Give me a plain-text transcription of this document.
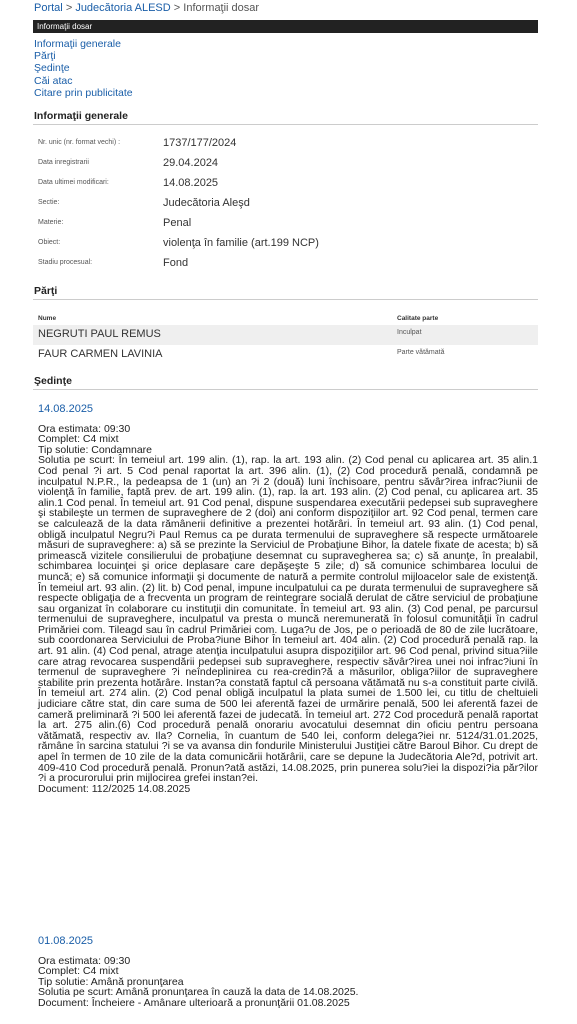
Portal > Judecătoria ALESD > Informaţii dosar
Informaţii dosar
Informaţii generale
Părţi
Şedinţe
Căi atac
Citare prin publicitate
Informaţii generale
Nr. unic (nr. format vechi) :	1737/177/2024
Data inregistrarii	29.04.2024
Data ultimei modificari:	14.08.2025
Sectie:	Judecătoria Aleşd
Materie:	Penal
Obiect:	violenţa în familie (art.199 NCP)
Stadiu procesual:	Fond
Părţi
Nume	Calitate parte
NEGRUTI PAUL REMUS	Inculpat
FAUR CARMEN LAVINIA	Parte vătămată
Şedinţe
14.08.2025

Ora estimata: 09:30

Complet: C4 mixt

Tip solutie: Condamnare

Solutia pe scurt: În temeiul art. 199 alin. (1), rap. la art. 193 alin. (2) Cod penal cu aplicarea art. 35 alin.1 Cod penal ?i art. 5 Cod penal raportat la art. 396 alin. (1), (2) Cod procedură penală, condamnă pe inculpatul N.P.R., la pedeapsa de 1 (un) an ?i 2 (două) luni închisoare, pentru săvâr?irea infrac?iunii de violenţă în familie, faptă prev. de art. 199 alin. (1), rap. la art. 193 alin. (2) Cod penal, cu aplicarea art. 35 alin.1 Cod penal. În temeiul art. 91 Cod penal, dispune suspendarea executării pedepsei sub supraveghere şi stabileşte un termen de supraveghere de 2 (doi) ani conform dispoziţiilor art. 92 Cod penal, termen care se calculează de la data rămânerii definitive a prezentei hotărâri. În temeiul art. 93 alin. (1) Cod penal, obligă inculpatul Negru?i Paul Remus ca pe durata termenului de supraveghere să respecte următoarele măsuri de supraveghere: a) să se prezinte la Serviciul de Probaţiune Bihor, la datele fixate de acesta; b) să primească vizitele consilierului de probaţiune desemnat cu supravegherea sa; c) să anunţe, în prealabil, schimbarea locuinţei şi orice deplasare care depăşeşte 5 zile; d) să comunice schimbarea locului de muncă; e) să comunice informaţii şi documente de natură a permite controlul mijloacelor sale de existenţă. În temeiul art. 93 alin. (2) lit. b) Cod penal, impune inculpatului ca pe durata termenului de supraveghere să respecte obligaţia de a frecventa un program de reintegrare socială derulat de către serviciul de probaţiune sau organizat în colaborare cu instituţii din comunitate. În temeiul art. 93 alin. (3) Cod penal, pe parcursul termenului de supraveghere, inculpatul va presta o muncă neremunerată în folosul comunităţii în cadrul Primăriei com. Tileagd sau în cadrul Primăriei com. Luga?u de Jos, pe o perioadă de 80 de zile lucrătoare, sub coordonarea Serviciului de Proba?iune Bihor În temeiul art. 404 alin. (2) Cod procedură penală rap. la art. 91 alin. (4) Cod penal, atrage atenţia inculpatului asupra dispoziţiilor art. 96 Cod penal, privind situa?iile care atrag revocarea suspendării pedepsei sub supraveghere, respectiv săvâr?irea unei noi infrac?iuni în termenul de supraveghere ?i neîndeplinirea cu rea-credin?ă a măsurilor, obliga?iilor de supraveghere stabilite prin prezenta hotărâre. Instan?a constată faptul că persoana vătămată nu s-a constituit parte civilă. În temeiul art. 274 alin. (2) Cod penal obligă inculpatul la plata sumei de 1.500 lei, cu titlu de cheltuieli judiciare către stat, din care suma de 500 lei aferentă fazei de urmărire penală, 500 lei aferentă fazei de cameră preliminară ?i 500 lei aferentă fazei de judecată. În temeiul art. 272 Cod procedură penală raportat la art. 275 alin.(6) Cod procedură penală onorariu avocatului desemnat din oficiu pentru persoana vătămată, respectiv av. Ila? Cornelia, în cuantum de 540 lei, conform delega?iei nr. 5124/31.01.2025, rămâne în sarcina statului ?i se va avansa din fondurile Ministerului Justiţiei către Baroul Bihor. Cu drept de apel în termen de 10 zile de la data comunicării hotărârii, care se depune la Judecătoria Ale?d, potrivit art. 409-410 Cod procedură penală. Pronun?ată astăzi, 14.08.2025, prin punerea solu?iei la dispozi?ia păr?ilor ?i a procurorului prin mijlocirea grefei instan?ei.

Document: 112/2025 14.08.2025

01.08.2025

Ora estimata: 09:30

Complet: C4 mixt

Tip solutie: Amână pronunţarea

Solutia pe scurt: Amână pronunţarea în cauză la data de 14.08.2025.

Document: Încheiere - Amânare ulterioară a pronunţării 01.08.2025
